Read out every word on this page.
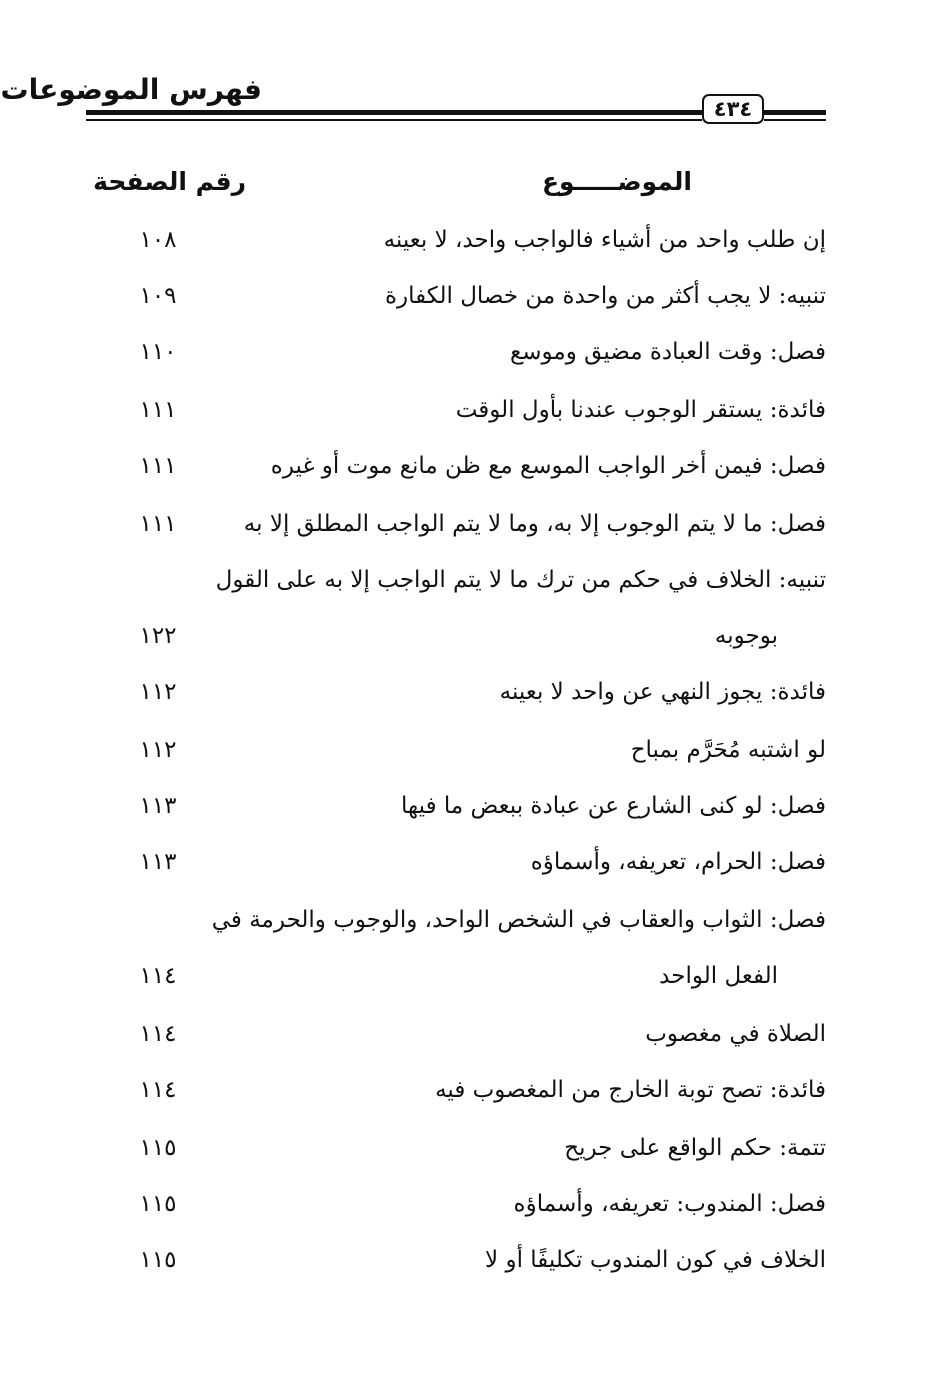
فهرس الموضوعات
٤٣٤
الموضـــــوع
رقم الصفحة
إن طلب واحد من أشياء فالواجب واحد، لا بعينه
١٠٨
تنبيه: لا يجب أكثر من واحدة من خصال الكفارة
١٠٩
فصل: وقت العبادة مضيق وموسع
١١٠
فائدة: يستقر الوجوب عندنا بأول الوقت
١١١
فصل: فيمن أخر الواجب الموسع مع ظن مانع موت أو غيره
١١١
فصل: ما لا يتم الوجوب إلا به، وما لا يتم الواجب المطلق إلا به
١١١
تنبيه: الخلاف في حكم من ترك ما لا يتم الواجب إلا به على القول
بوجوبه
١٢٢
فائدة: يجوز النهي عن واحد لا بعينه
١١٢
لو اشتبه مُحَرَّم بمباح
١١٢
فصل: لو كنى الشارع عن عبادة ببعض ما فيها
١١٣
فصل: الحرام، تعريفه، وأسماؤه
١١٣
فصل: الثواب والعقاب في الشخص الواحد، والوجوب والحرمة في
الفعل الواحد
١١٤
الصلاة في مغصوب
١١٤
فائدة: تصح توبة الخارج من المغصوب فيه
١١٤
تتمة: حكم الواقع على جريح
١١٥
فصل: المندوب: تعريفه، وأسماؤه
١١٥
الخلاف في كون المندوب تكليفًا أو لا
١١٥
